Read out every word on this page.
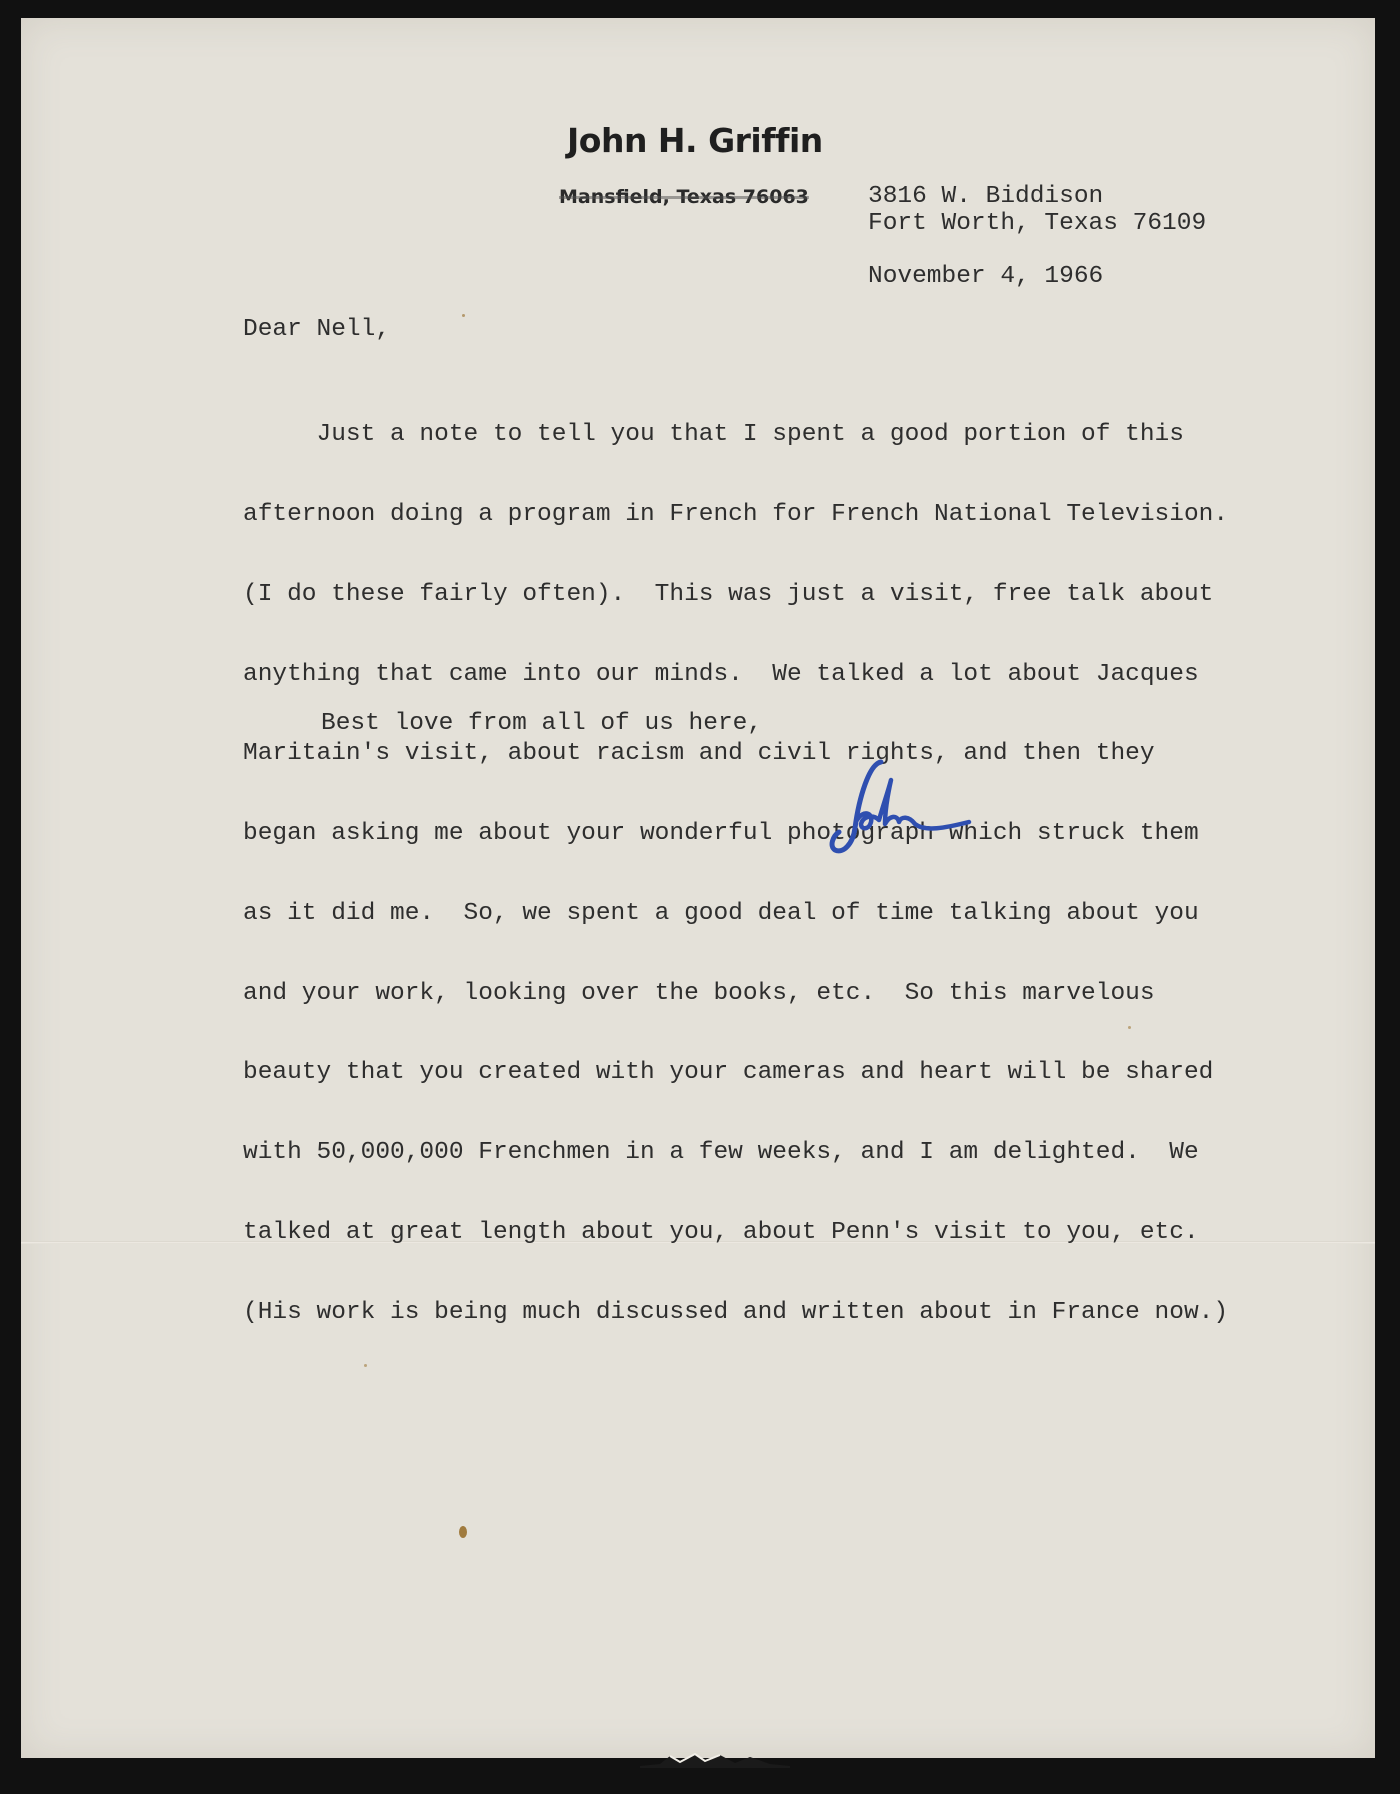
John H. Griffin
Mansfield, Texas 76063 3816 W. Biddison
Fort Worth, Texas 76109
November 4, 1966
Dear Nell,

Just a note to tell you that I spent a good portion of this

afternoon doing a program in French for French National Television.

(I do these fairly often).  This was just a visit, free talk about

anything that came into our minds.  We talked a lot about Jacques

Maritain's visit, about racism and civil rights, and then they

began asking me about your wonderful photograph which struck them

as it did me.  So, we spent a good deal of time talking about you

and your work, looking over the books, etc.  So this marvelous

beauty that you created with your cameras and heart will be shared

with 50,000,000 Frenchmen in a few weeks, and I am delighted.  We

talked at great length about you, about Penn's visit to you, etc.

(His work is being much discussed and written about in France now.)

Best love from all of us here,
